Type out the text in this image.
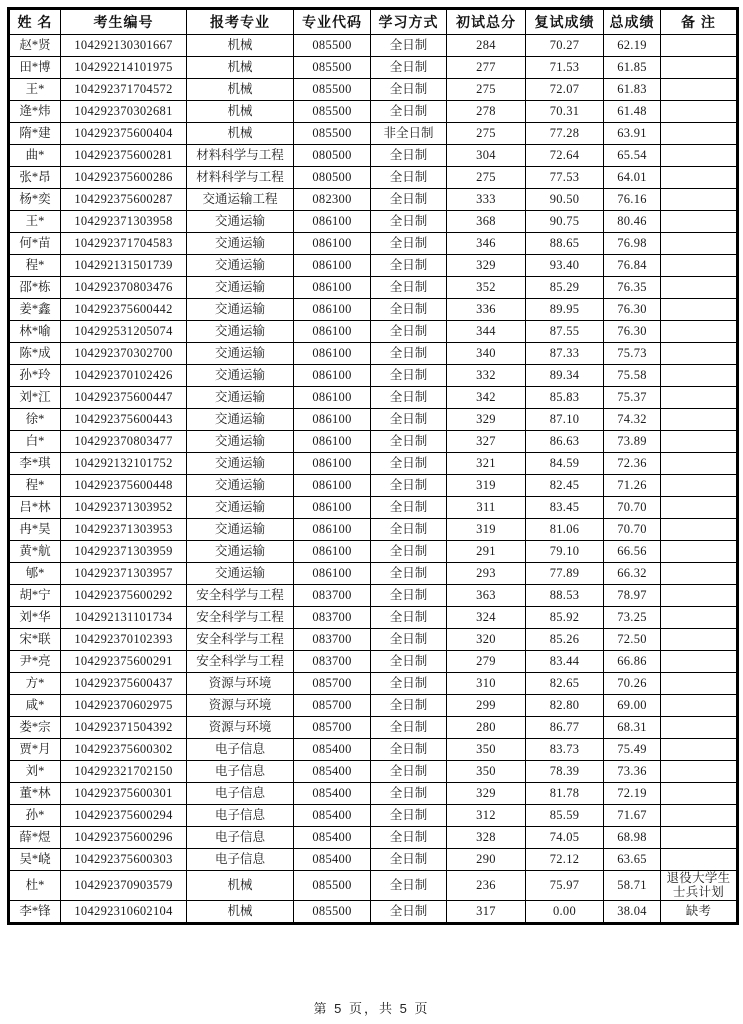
姓 名	考生编号	报考专业	专业代码	学习方式	初试总分	复试成绩	总成绩	备 注
赵*贤	104292130301667	机械	085500	全日制	284	70.27	62.19	
田*博	104292214101975	机械	085500	全日制	277	71.53	61.85	
王*	104292371704572	机械	085500	全日制	275	72.07	61.83	
逄*炜	104292370302681	机械	085500	全日制	278	70.31	61.48	
隋*建	104292375600404	机械	085500	非全日制	275	77.28	63.91	
曲*	104292375600281	材料科学与工程	080500	全日制	304	72.64	65.54	
张*昂	104292375600286	材料科学与工程	080500	全日制	275	77.53	64.01	
杨*奕	104292375600287	交通运输工程	082300	全日制	333	90.50	76.16	
王*	104292371303958	交通运输	086100	全日制	368	90.75	80.46	
何*苗	104292371704583	交通运输	086100	全日制	346	88.65	76.98	
程*	104292131501739	交通运输	086100	全日制	329	93.40	76.84	
邵*栋	104292370803476	交通运输	086100	全日制	352	85.29	76.35	
姜*鑫	104292375600442	交通运输	086100	全日制	336	89.95	76.30	
林*喻	104292531205074	交通运输	086100	全日制	344	87.55	76.30	
陈*成	104292370302700	交通运输	086100	全日制	340	87.33	75.73	
孙*玲	104292370102426	交通运输	086100	全日制	332	89.34	75.58	
刘*江	104292375600447	交通运输	086100	全日制	342	85.83	75.37	
徐*	104292375600443	交通运输	086100	全日制	329	87.10	74.32	
白*	104292370803477	交通运输	086100	全日制	327	86.63	73.89	
李*琪	104292132101752	交通运输	086100	全日制	321	84.59	72.36	
程*	104292375600448	交通运输	086100	全日制	319	82.45	71.26	
吕*林	104292371303952	交通运输	086100	全日制	311	83.45	70.70	
冉*昊	104292371303953	交通运输	086100	全日制	319	81.06	70.70	
黄*航	104292371303959	交通运输	086100	全日制	291	79.10	66.56	
郇*	104292371303957	交通运输	086100	全日制	293	77.89	66.32	
胡*宁	104292375600292	安全科学与工程	083700	全日制	363	88.53	78.97	
刘*华	104292131101734	安全科学与工程	083700	全日制	324	85.92	73.25	
宋*联	104292370102393	安全科学与工程	083700	全日制	320	85.26	72.50	
尹*亮	104292375600291	安全科学与工程	083700	全日制	279	83.44	66.86	
方*	104292375600437	资源与环境	085700	全日制	310	82.65	70.26	
咸*	104292370602975	资源与环境	085700	全日制	299	82.80	69.00	
娄*宗	104292371504392	资源与环境	085700	全日制	280	86.77	68.31	
贾*月	104292375600302	电子信息	085400	全日制	350	83.73	75.49	
刘*	104292321702150	电子信息	085400	全日制	350	78.39	73.36	
董*林	104292375600301	电子信息	085400	全日制	329	81.78	72.19	
孙*	104292375600294	电子信息	085400	全日制	312	85.59	71.67	
薛*煜	104292375600296	电子信息	085400	全日制	328	74.05	68.98	
吴*峣	104292375600303	电子信息	085400	全日制	290	72.12	63.65	
杜*	104292370903579	机械	085500	全日制	236	75.97	58.71	退役大学生士兵计划
李*锋	104292310602104	机械	085500	全日制	317	0.00	38.04	缺考
第 5 页，共 5 页
